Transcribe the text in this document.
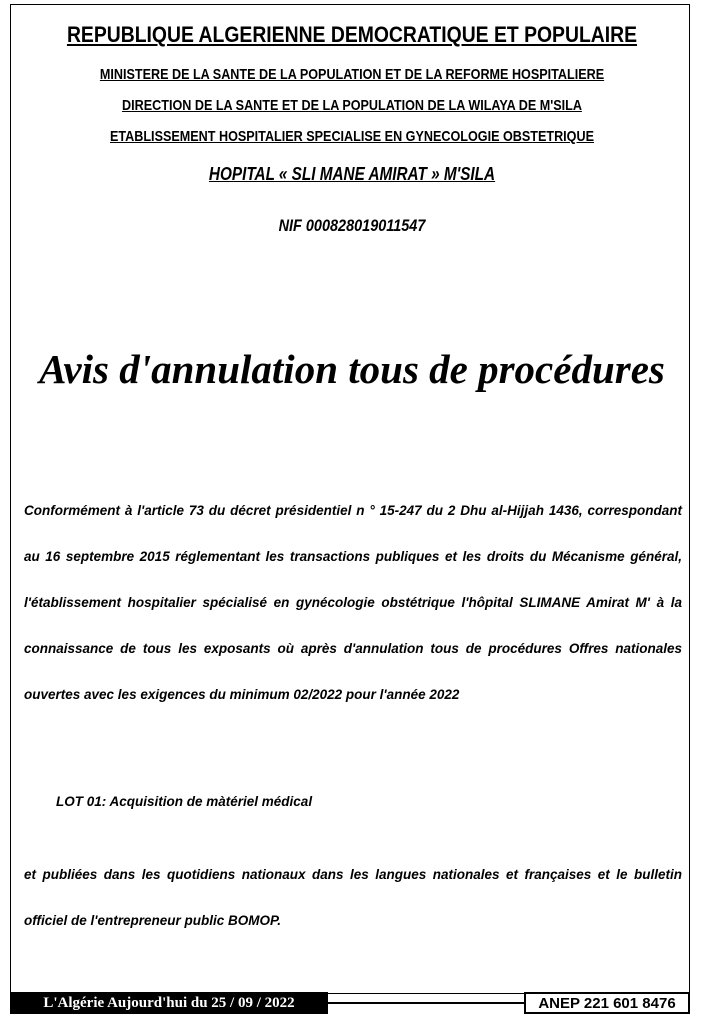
REPUBLIQUE ALGERIENNE DEMOCRATIQUE ET POPULAIRE
MINISTERE DE LA SANTE DE LA POPULATION ET DE LA REFORME HOSPITALIERE
DIRECTION DE LA SANTE ET DE LA POPULATION DE LA WILAYA DE M'SILA
ETABLISSEMENT HOSPITALIER SPECIALISE EN GYNECOLOGIE OBSTETRIQUE
HOPITAL « SLI MANE AMIRAT » M'SILA
NIF 000828019011547
Avis d'annulation tous de procédures
Conformément à l'article 73 du décret présidentiel n ° 15-247 du 2 Dhu al-Hijjah 1436, correspondant au 16 septembre 2015 réglementant les transactions publiques et les droits du Mécanisme général, l'établissement hospitalier spécialisé en gynécologie obstétrique l'hôpital SLIMANE Amirat M' à la connaissance de tous les exposants où après d'annulation tous de procédures Offres nationales ouvertes avec les exigences du minimum 02/2022 pour l'année 2022
LOT 01: Acquisition de màtériel médical
et publiées dans les quotidiens nationaux dans les langues nationales et françaises et le bulletin officiel de l'entrepreneur public BOMOP.
L'Algérie Aujourd'hui du 25 / 09 / 2022	ANEP 221 601 8476
